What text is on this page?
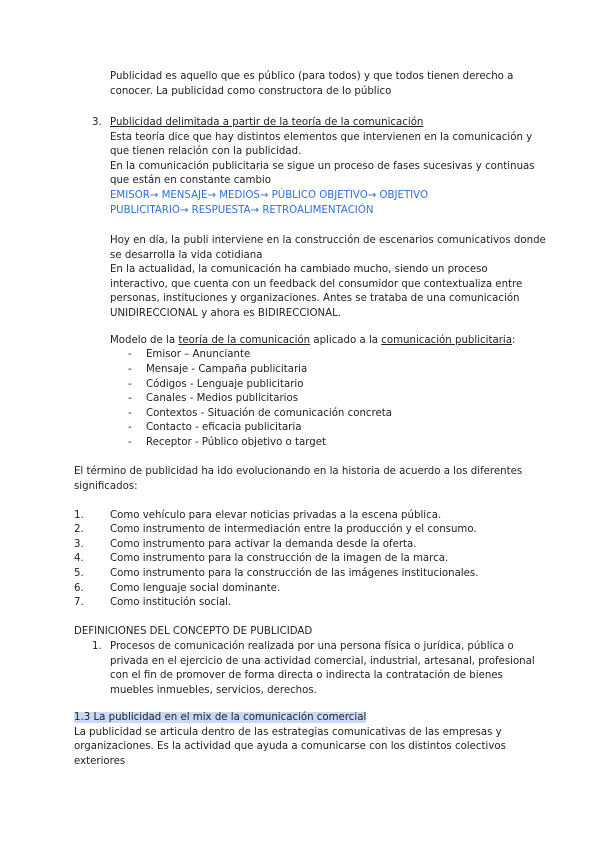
Publicidad es aquello que es público (para todos) y que todos tienen derecho a
conocer. La publicidad como constructora de lo público
3. Publicidad delimitada a partir de la teoría de la comunicación
Esta teoría dice que hay distintos elementos que intervienen en la comunicación y
que tienen relación con la publicidad.
En la comunicación publicitaria se sigue un proceso de fases sucesivas y continuas
que están en constante cambio
EMISOR→ MENSAJE→ MEDIOS→ PÚBLICO OBJETIVO→ OBJETIVO
PUBLICITARIO→ RESPUESTA→ RETROALIMENTACIÓN
Hoy en día, la publi interviene en la construcción de escenarios comunicativos donde
se desarrolla la vida cotidiana
En la actualidad, la comunicación ha cambiado mucho, siendo un proceso
interactivo, que cuenta con un feedback del consumidor que contextualiza entre
personas, instituciones y organizaciones. Antes se trataba de una comunicación
UNIDIRECCIONAL y ahora es BIDIRECCIONAL.
Modelo de la teoría de la comunicación aplicado a la comunicación publicitaria:
- Emisor – Anunciante
- Mensaje - Campaña publicitaria
- Códigos - Lenguaje publicitario
- Canales - Medios publicitarios
- Contextos - Situación de comunicación concreta
- Contacto - eficacia publicitaria
- Receptor - Público objetivo o target
El término de publicidad ha ido evolucionando en la historia de acuerdo a los diferentes
significados:
1.	Como vehículo para elevar noticias privadas a la escena pública.
2.	Como instrumento de intermediación entre la producción y el consumo.
3.	Como instrumento para activar la demanda desde la oferta.
4.	Como instrumento para la construcción de la imagen de la marca.
5.	Como instrumento para la construcción de las imágenes institucionales.
6.	Como lenguaje social dominante.
7.	Como institución social.
DEFINICIONES DEL CONCEPTO DE PUBLICIDAD
1. Procesos de comunicación realizada por una persona física o jurídica, pública o
privada en el ejercicio de una actividad comercial, industrial, artesanal, profesional
con el fin de promover de forma directa o indirecta la contratación de bienes
muebles inmuebles, servicios, derechos.
1.3 La publicidad en el mix de la comunicación comercial
La publicidad se articula dentro de las estrategias comunicativas de las empresas y
organizaciones. Es la actividad que ayuda a comunicarse con los distintos colectivos
exteriores
